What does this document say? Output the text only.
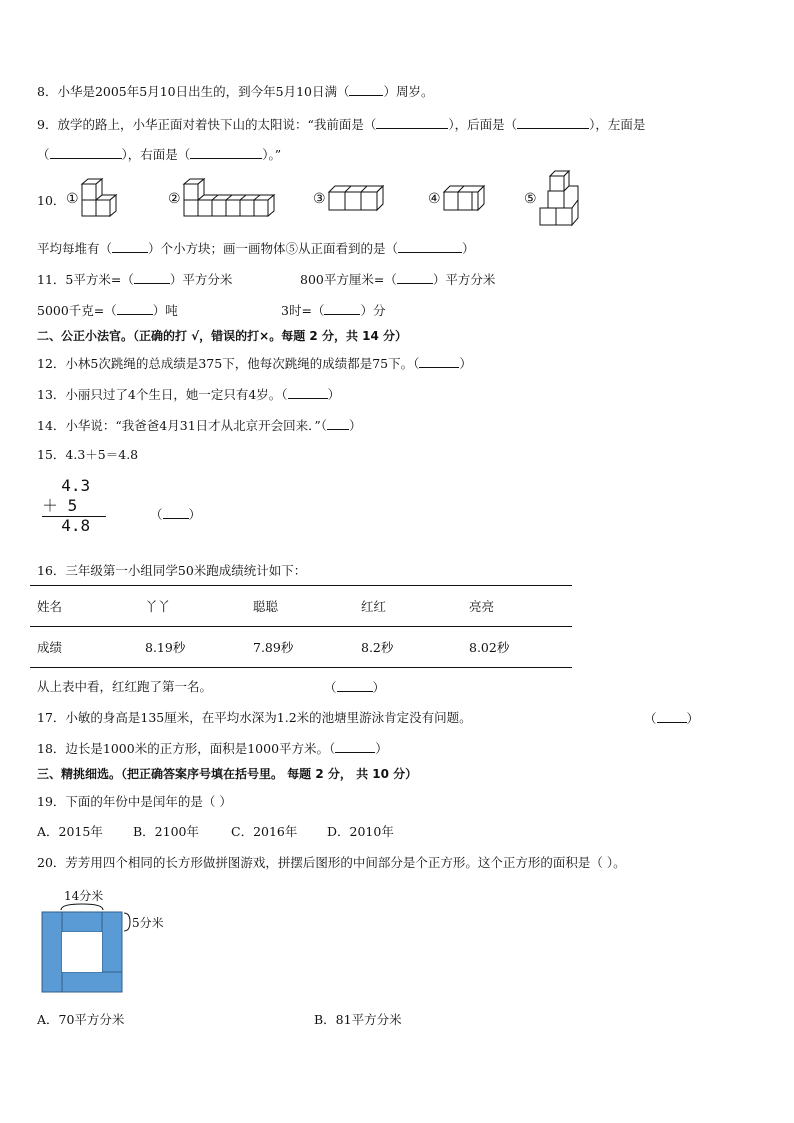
8．小华是2005年5月10日出生的，到今年5月10日满（	）周岁。
9．放学的路上，小华正面对着快下山的太阳说：“我前面是（	），后面是（	），左面是
（	），右面是（	）。”
10． ①	②	③	④	⑤
平均每堆有（	）个小方块；画一画物体⑤从正面看到的是（	）
11．5平方米=（	）平方分米	800平方厘米=（	）平方分米
5000千克=（	）吨	3时=（	）分
二、公正小法官。（正确的打 √，错误的打×。每题 2 分，共 14 分）
12．小林5次跳绳的总成绩是375下，他每次跳绳的成绩都是75下。（	）
13．小丽只过了4个生日，她一定只有4岁。（	）
14．小华说：“我爸爸4月31日才从北京开会回来．”（ ）
15．4.3＋5＝4.8
4.3
＋ 5
4.8
（ ）
16．三年级第一小组同学50米跑成绩统计如下：
姓名	丫丫	聪聪	红红	亮亮
成绩	8.19秒	7.89秒	8.2秒	8.02秒
从上表中看，红红跑了第一名。	（	）
17．小敏的身高是135厘米，在平均水深为1.2米的池塘里游泳肯定没有问题。	（ ）
18．边长是1000米的正方形，面积是1000平方米。（	）
三、精挑细选。（把正确答案序号填在括号里。 每题 2 分， 共 10 分）
19．下面的年份中是闰年的是（ ）
A．2015年 B．2100年	C．2016年 D．2010年
20．芳芳用四个相同的长方形做拼图游戏，拼摆后图形的中间部分是个正方形。这个正方形的面积是（ ）。
14分米
5分米
A．70平方分米	B．81平方分米
